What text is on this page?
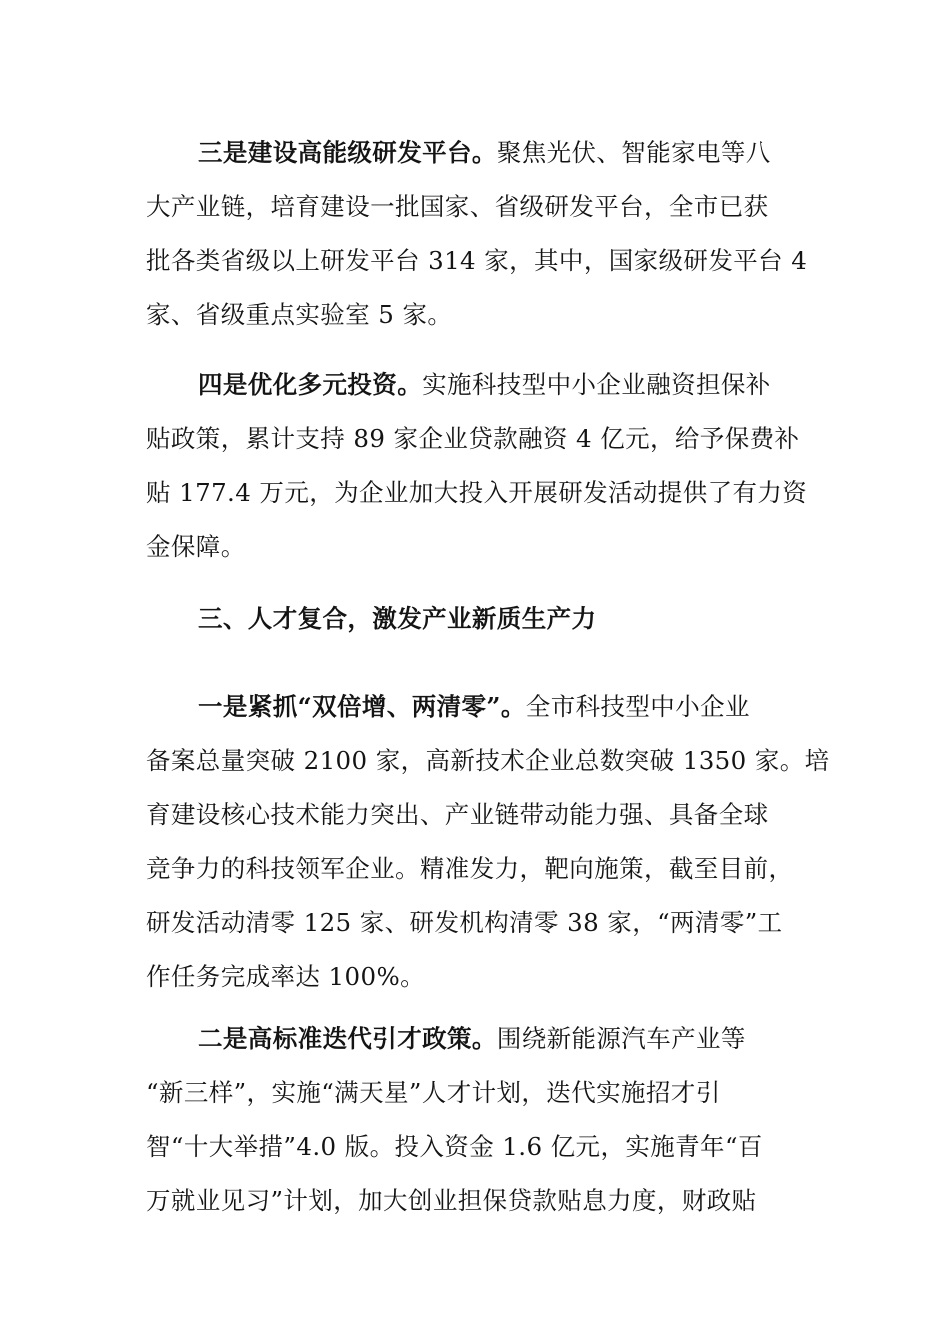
三是建设高能级研发平台。聚焦光伏、智能家电等八
大产业链，培育建设一批国家、省级研发平台，全市已获
批各类省级以上研发平台 314 家，其中，国家级研发平台 4
家、省级重点实验室 5 家。

四是优化多元投资。实施科技型中小企业融资担保补
贴政策，累计支持 89 家企业贷款融资 4 亿元，给予保费补
贴 177.4 万元，为企业加大投入开展研发活动提供了有力资
金保障。

三、人才复合，激发产业新质生产力

一是紧抓“双倍增、两清零”。全市科技型中小企业
备案总量突破 2100 家，高新技术企业总数突破 1350 家。培
育建设核心技术能力突出、产业链带动能力强、具备全球
竞争力的科技领军企业。精准发力，靶向施策，截至目前，
研发活动清零 125 家、研发机构清零 38 家，“两清零”工
作任务完成率达 100%。

二是高标准迭代引才政策。围绕新能源汽车产业等
“新三样”，实施“满天星”人才计划，迭代实施招才引
智“十大举措”4.0 版。投入资金 1.6 亿元，实施青年“百
万就业见习”计划，加大创业担保贷款贴息力度，财政贴
